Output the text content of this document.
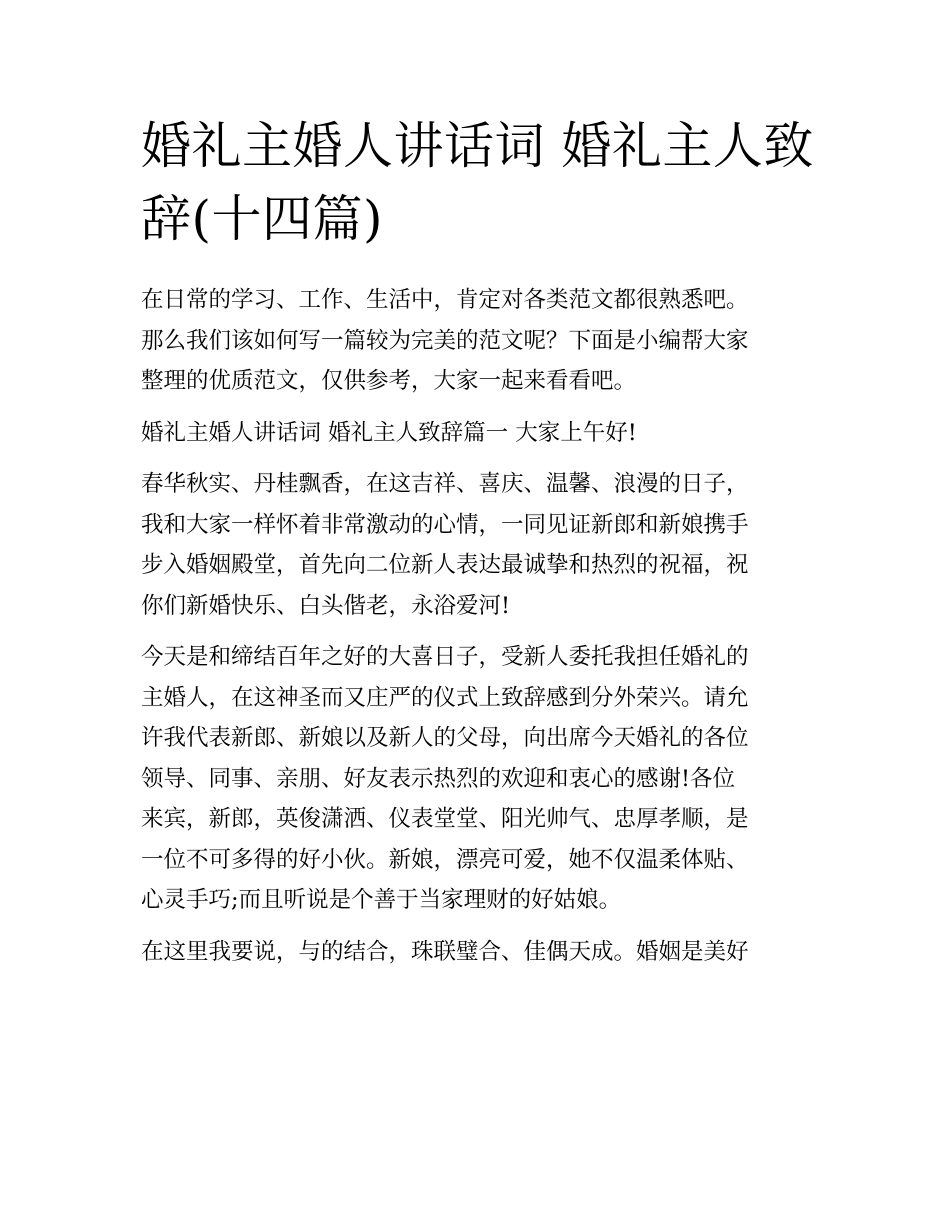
婚礼主婚人讲话词 婚礼主人致
辞(十四篇)

在日常的学习、工作、生活中，肯定对各类范文都很熟悉吧。
那么我们该如何写一篇较为完美的范文呢？下面是小编帮大家
整理的优质范文，仅供参考，大家一起来看看吧。

婚礼主婚人讲话词 婚礼主人致辞篇一 大家上午好!

春华秋实、丹桂飘香，在这吉祥、喜庆、温馨、浪漫的日子，
我和大家一样怀着非常激动的心情，一同见证新郎和新娘携手
步入婚姻殿堂，首先向二位新人表达最诚挚和热烈的祝福，祝
你们新婚快乐、白头偕老，永浴爱河!

今天是和缔结百年之好的大喜日子，受新人委托我担任婚礼的
主婚人，在这神圣而又庄严的仪式上致辞感到分外荣兴。请允
许我代表新郎、新娘以及新人的父母，向出席今天婚礼的各位
领导、同事、亲朋、好友表示热烈的欢迎和衷心的感谢!各位
来宾，新郎，英俊潇洒、仪表堂堂、阳光帅气、忠厚孝顺，是
一位不可多得的好小伙。新娘，漂亮可爱，她不仅温柔体贴、
心灵手巧;而且听说是个善于当家理财的好姑娘。

在这里我要说，与的结合，珠联璧合、佳偶天成。婚姻是美好
